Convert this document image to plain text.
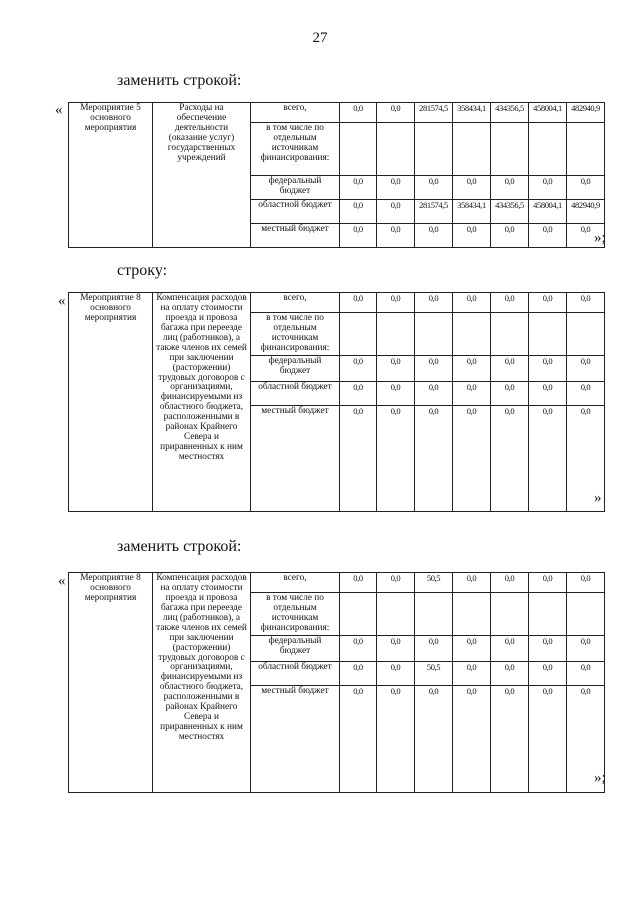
27
заменить строкой:
«
»;
Мероприятие 5 основного мероприятия	Расходы на обеспечение деятельности (оказание услуг) государственных учреждений	всего,	0,0	0,0	281574,5	358434,1	434356,5	458004,1	482940,9
		в том числе по отдельным источникам финансирования:							
		федеральный бюджет	0,0	0,0	0,0	0,0	0,0	0,0	0,0
		областной бюджет	0,0	0,0	281574,5	358434,1	434356,5	458004,1	482940,9
		местный бюджет	0,0	0,0	0,0	0,0	0,0	0,0	0,0
строку:
«
»
Мероприятие 8 основного мероприятия	Компенсация расходов на оплату стоимости проезда и провоза багажа при переезде лиц (работников), а также членов их семей при заключении (расторжении) трудовых договоров с организациями, финансируемыми из областного бюджета, расположенными в районах Крайнего Севера и приравненных к ним местностях	всего,	0,0	0,0	0,0	0,0	0,0	0,0	0,0
		в том числе по отдельным источникам финансирования:							
		федеральный бюджет	0,0	0,0	0,0	0,0	0,0	0,0	0,0
		областной бюджет	0,0	0,0	0,0	0,0	0,0	0,0	0,0
		местный бюджет	0,0	0,0	0,0	0,0	0,0	0,0	0,0
заменить строкой:
«
»;
Мероприятие 8 основного мероприятия	Компенсация расходов на оплату стоимости проезда и провоза багажа при переезде лиц (работников), а также членов их семей при заключении (расторжении) трудовых договоров с организациями, финансируемыми из областного бюджета, расположенными в районах Крайнего Севера и приравненных к ним местностях	всего,	0,0	0,0	50,5	0,0	0,0	0,0	0,0
		в том числе по отдельным источникам финансирования:							
		федеральный бюджет	0,0	0,0	0,0	0,0	0,0	0,0	0,0
		областной бюджет	0,0	0,0	50,5	0,0	0,0	0,0	0,0
		местный бюджет	0,0	0,0	0,0	0,0	0,0	0,0	0,0
